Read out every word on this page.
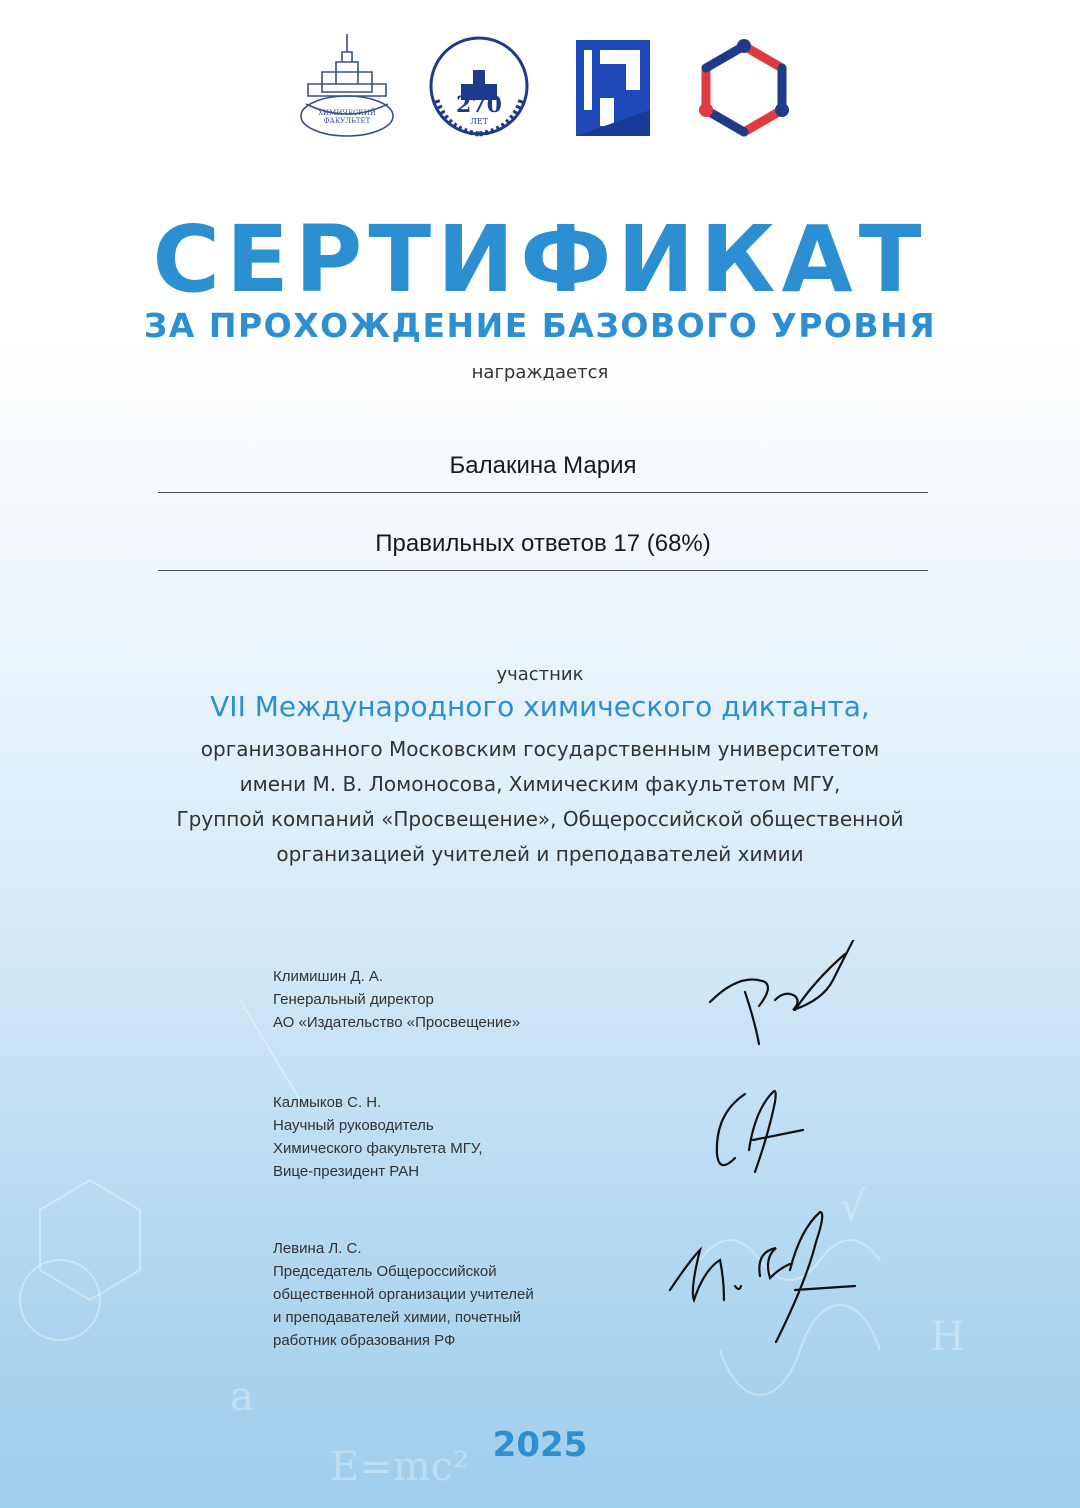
a
E=mc²
√
H
ХИМИЧЕСКИЙ
ФАКУЛЬТЕТ
270
ЛЕТ
СЕРТИФИКАТ
ЗА ПРОХОЖДЕНИЕ БАЗОВОГО УРОВНЯ
награждается
Балакина Мария
Правильных ответов 17 (68%)
участник
VII Международного химического диктанта,
организованного Московским государственным университетом
имени М. В. Ломоносова, Химическим факультетом МГУ,
Группой компаний «Просвещение», Общероссийской общественной
организацией учителей и преподавателей химии
Климишин Д. А.
Генеральный директор
АО «Издательство «Просвещение»
Калмыков С. Н.
Научный руководитель
Химического факультета МГУ,
Вице-президент РАН
Левина Л. С.
Председатель Общероссийской
общественной организации учителей
и преподавателей химии, почетный
работник образования РФ
2025
